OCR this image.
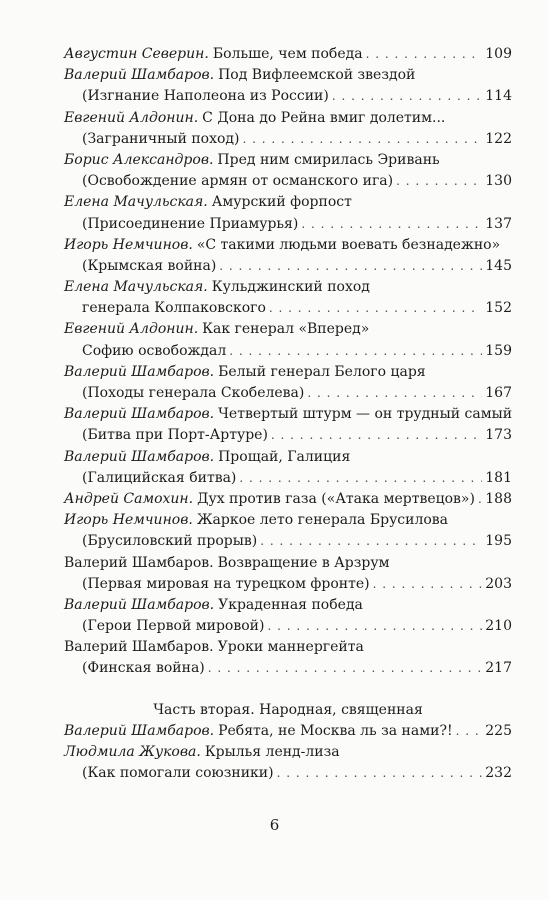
Августин Северин. Больше, чем победа . . .	109
Валерий Шамбаров. Под Вифлеемской звездой
(Изгнание Наполеона из России) . . .	114
Евгений Алдонин. С Дона до Рейна вмиг долетим...
(Заграничный поход) . . .	122
Борис Александров. Пред ним смирилась Эривань
(Освобождение армян от османского ига) . . .	130
Елена Мачульская. Амурский форпост
(Присоединение Приамурья) . . .	137
Игорь Немчинов. «С такими людьми воевать безнадежно»
(Крымская война) . . .	145
Елена Мачульская. Кульджинский поход
генерала Колпаковского . . .	152
Евгений Алдонин. Как генерал «Вперед»
Софию освобождал . . .	159
Валерий Шамбаров. Белый генерал Белого царя
(Походы генерала Скобелева) . . .	167
Валерий Шамбаров. Четвертый штурм — он трудный самый
(Битва при Порт-Артуре) . . .	173
Валерий Шамбаров. Прощай, Галиция
(Галицийская битва) . . .	181
Андрей Самохин. Дух против газа («Атака мертвецов») . . . 188
Игорь Немчинов. Жаркое лето генерала Брусилова
(Брусиловский прорыв) . . .	195
Валерий Шамбаров. Возвращение в Арзрум
(Первая мировая на турецком фронте) . . .	203
Валерий Шамбаров. Украденная победа
(Герои Первой мировой) . . .	210
Валерий Шамбаров. Уроки маннергейта
(Финская война) . . .	217
Часть вторая. Народная, священная
Валерий Шамбаров. Ребята, не Москва ль за нами?! . . . 225
Людмила Жукова. Крылья ленд-лиза
(Как помогали союзники) . . .	232
6
